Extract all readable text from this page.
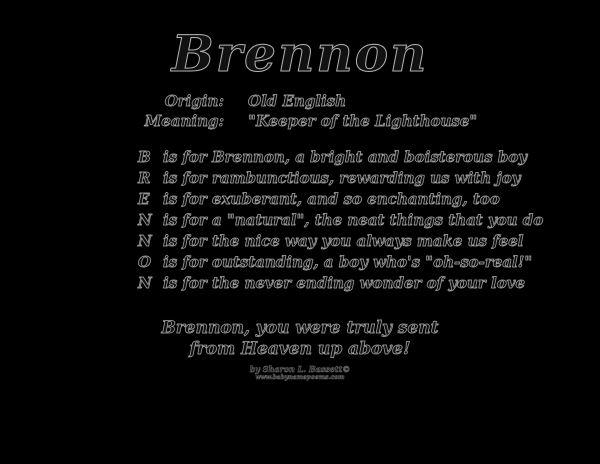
Brennon
Origin: Old English
Meaning: "Keeper of the Lighthouse"
B is for Brennon, a bright and boisterous boy
R is for rambunctious, rewarding us with joy
E is for exuberant, and so enchanting, too
N is for a "natural", the neat things that you do
N is for the nice way you always make us feel
O is for outstanding, a boy who's "oh-so-real!"
N is for the never ending wonder of your love
Brennon, you were truly sent
from Heaven up above!
by Sharon L. Bassett©
www.babynamepoems.com
